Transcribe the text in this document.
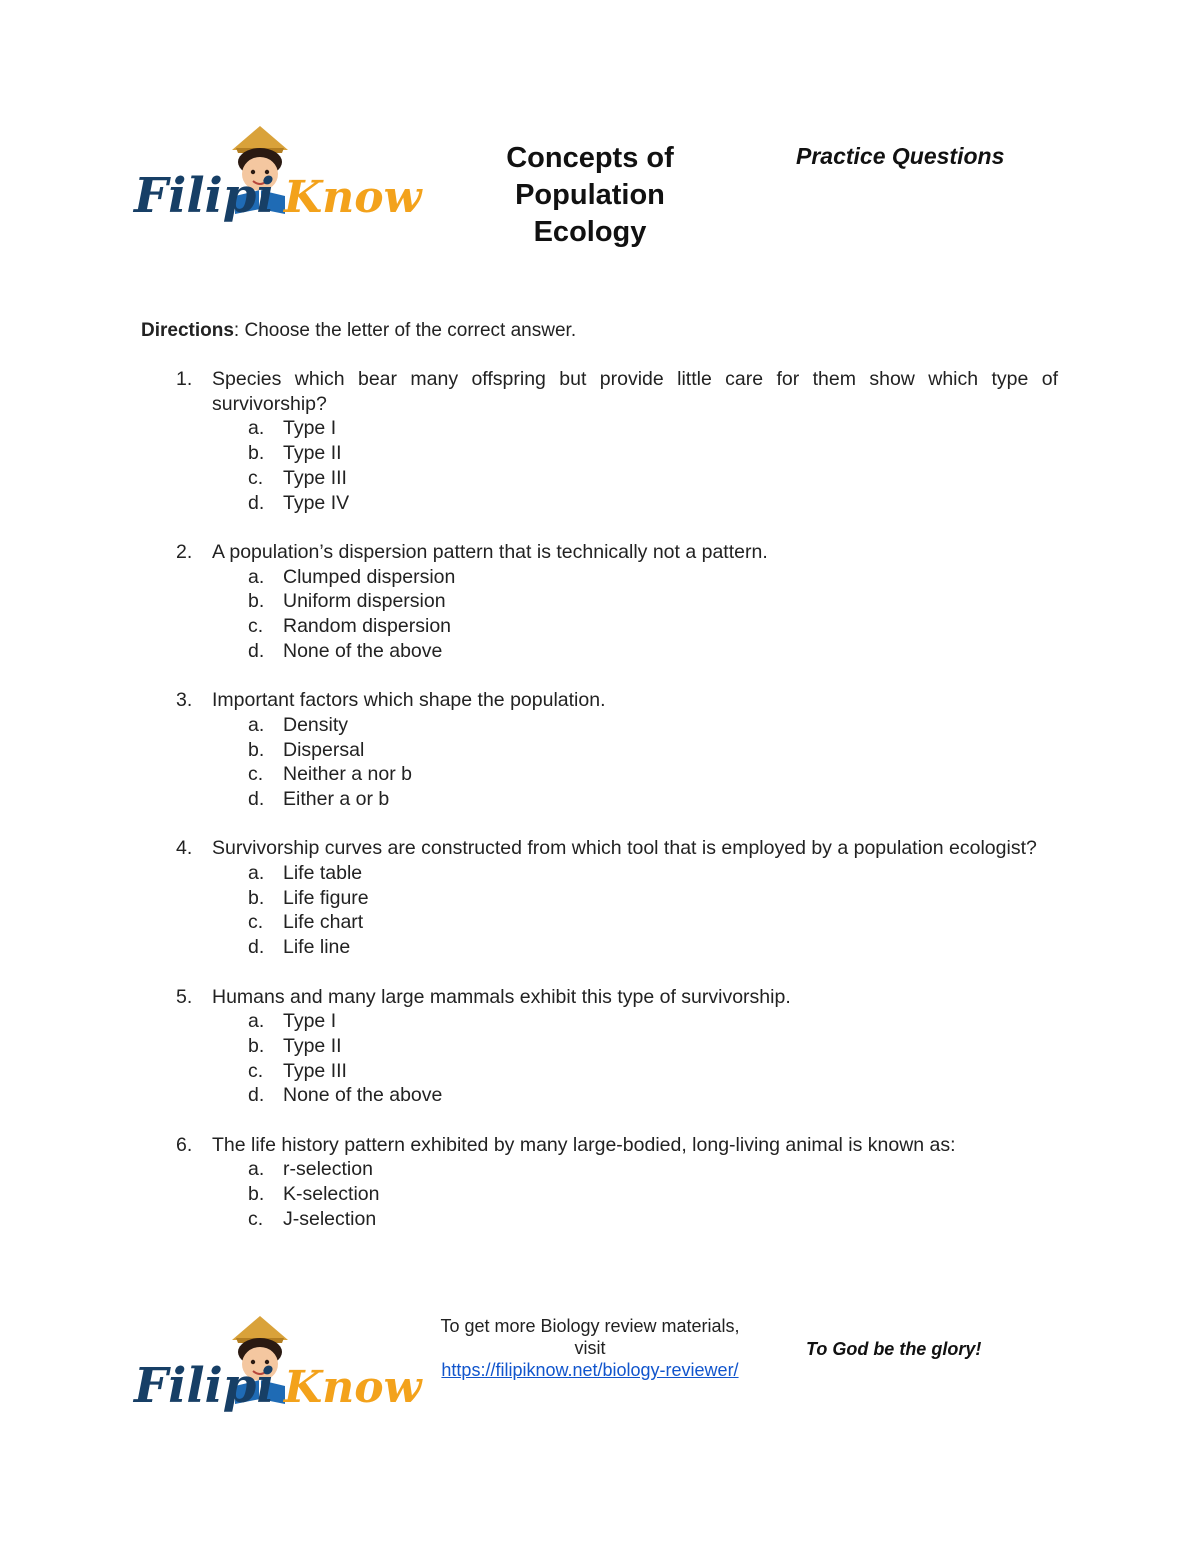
Filipi Know
Concepts of
Population
Ecology
Practice Questions
Directions: Choose the letter of the correct answer.
1. Species which bear many offspring but provide little care for them show which type of survivorship?
a. Type I
b. Type II
c. Type III
d. Type IV
2. A population’s dispersion pattern that is technically not a pattern.
a. Clumped dispersion
b. Uniform dispersion
c. Random dispersion
d. None of the above
3. Important factors which shape the population.
a. Density
b. Dispersal
c. Neither a nor b
d. Either a or b
4. Survivorship curves are constructed from which tool that is employed by a population ecologist?
a. Life table
b. Life figure
c. Life chart
d. Life line
5. Humans and many large mammals exhibit this type of survivorship.
a. Type I
b. Type II
c. Type III
d. None of the above
6. The life history pattern exhibited by many large-bodied, long-living animal is known as:
a. r-selection
b. K-selection
c. J-selection
Filipi Know
To get more Biology review materials, visit
https://filipiknow.net/biology-reviewer/
To God be the glory!
